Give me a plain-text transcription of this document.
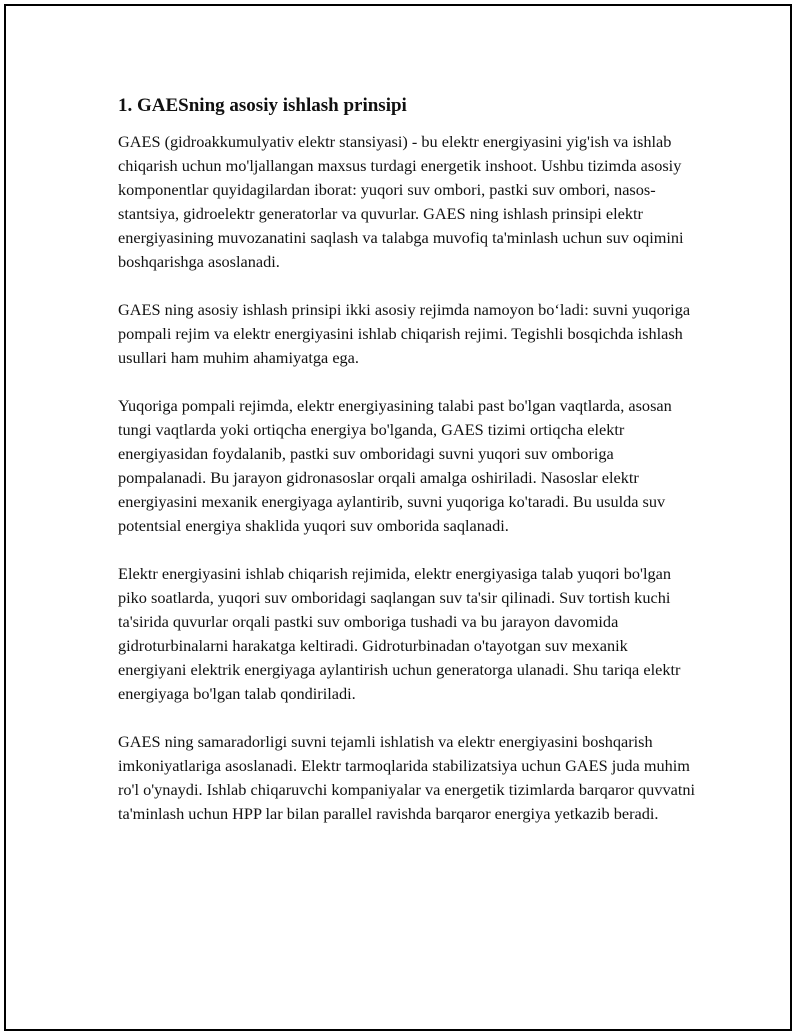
1. GAESning asosiy ishlash prinsipi

GAES (gidroakkumulyativ elektr stansiyasi) - bu elektr energiyasini yig'ish va ishlab chiqarish uchun mo'ljallangan maxsus turdagi energetik inshoot. Ushbu tizimda asosiy komponentlar quyidagilardan iborat: yuqori suv ombori, pastki suv ombori, nasos-stantsiya, gidroelektr generatorlar va quvurlar. GAES ning ishlash prinsipi elektr energiyasining muvozanatini saqlash va talabga muvofiq ta'minlash uchun suv oqimini boshqarishga asoslanadi.

GAES ning asosiy ishlash prinsipi ikki asosiy rejimda namoyon bo‘ladi: suvni yuqoriga pompali rejim va elektr energiyasini ishlab chiqarish rejimi. Tegishli bosqichda ishlash usullari ham muhim ahamiyatga ega.

Yuqoriga pompali rejimda, elektr energiyasining talabi past bo'lgan vaqtlarda, asosan tungi vaqtlarda yoki ortiqcha energiya bo'lganda, GAES tizimi ortiqcha elektr energiyasidan foydalanib, pastki suv omboridagi suvni yuqori suv omboriga pompalanadi. Bu jarayon gidronasoslar orqali amalga oshiriladi. Nasoslar elektr energiyasini mexanik energiyaga aylantirib, suvni yuqoriga ko'taradi. Bu usulda suv potentsial energiya shaklida yuqori suv omborida saqlanadi.

Elektr energiyasini ishlab chiqarish rejimida, elektr energiyasiga talab yuqori bo'lgan piko soatlarda, yuqori suv omboridagi saqlangan suv ta'sir qilinadi. Suv tortish kuchi ta'sirida quvurlar orqali pastki suv omboriga tushadi va bu jarayon davomida gidroturbinalarni harakatga keltiradi. Gidroturbinadan o'tayotgan suv mexanik energiyani elektrik energiyaga aylantirish uchun generatorga ulanadi. Shu tariqa elektr energiyaga bo'lgan talab qondiriladi.

GAES ning samaradorligi suvni tejamli ishlatish va elektr energiyasini boshqarish imkoniyatlariga asoslanadi. Elektr tarmoqlarida stabilizatsiya uchun GAES juda muhim ro'l o'ynaydi. Ishlab chiqaruvchi kompaniyalar va energetik tizimlarda barqaror quvvatni ta'minlash uchun HPP lar bilan parallel ravishda barqaror energiya yetkazib beradi.
